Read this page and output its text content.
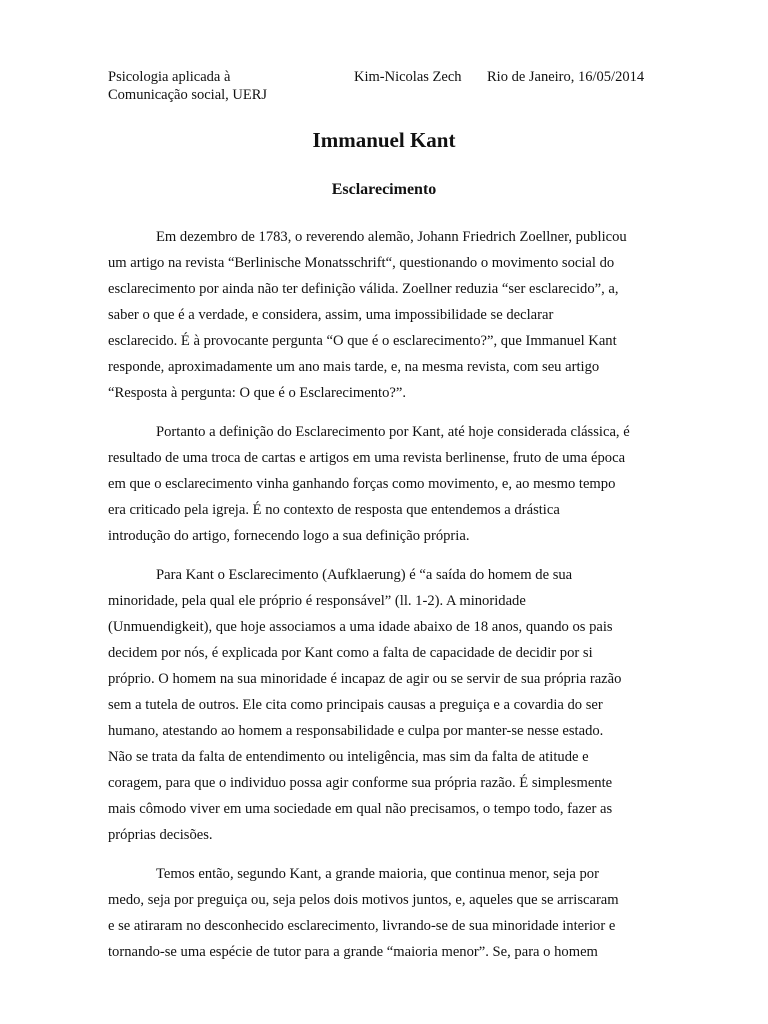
Psicologia aplicada à
Comunicação social, UERJ
Kim-Nicolas Zech Rio de Janeiro, 16/05/2014
Immanuel Kant
Esclarecimento
Em dezembro de 1783, o reverendo alemão, Johann Friedrich Zoellner, publicou
um artigo na revista “Berlinische Monatsschrift“, questionando o movimento social do
esclarecimento por ainda não ter definição válida. Zoellner reduzia “ser esclarecido”, a,
saber o que é a verdade, e considera, assim, uma impossibilidade se declarar
esclarecido. É à provocante pergunta “O que é o esclarecimento?”, que Immanuel Kant
responde, aproximadamente um ano mais tarde, e, na mesma revista, com seu artigo
“Resposta à pergunta: O que é o Esclarecimento?”.
Portanto a definição do Esclarecimento por Kant, até hoje considerada clássica, é
resultado de uma troca de cartas e artigos em uma revista berlinense, fruto de uma época
em que o esclarecimento vinha ganhando forças como movimento, e, ao mesmo tempo
era criticado pela igreja. É no contexto de resposta que entendemos a drástica
introdução do artigo, fornecendo logo a sua definição própria.
Para Kant o Esclarecimento (Aufklaerung) é “a saída do homem de sua
minoridade, pela qual ele próprio é responsável” (ll. 1-2). A minoridade
(Unmuendigkeit), que hoje associamos a uma idade abaixo de 18 anos, quando os pais
decidem por nós, é explicada por Kant como a falta de capacidade de decidir por si
próprio. O homem na sua minoridade é incapaz de agir ou se servir de sua própria razão
sem a tutela de outros. Ele cita como principais causas a preguiça e a covardia do ser
humano, atestando ao homem a responsabilidade e culpa por manter-se nesse estado.
Não se trata da falta de entendimento ou inteligência, mas sim da falta de atitude e
coragem, para que o individuo possa agir conforme sua própria razão. É simplesmente
mais cômodo viver em uma sociedade em qual não precisamos, o tempo todo, fazer as
próprias decisões.
Temos então, segundo Kant, a grande maioria, que continua menor, seja por
medo, seja por preguiça ou, seja pelos dois motivos juntos, e, aqueles que se arriscaram
e se atiraram no desconhecido esclarecimento, livrando-se de sua minoridade interior e
tornando-se uma espécie de tutor para a grande “maioria menor”. Se, para o homem
